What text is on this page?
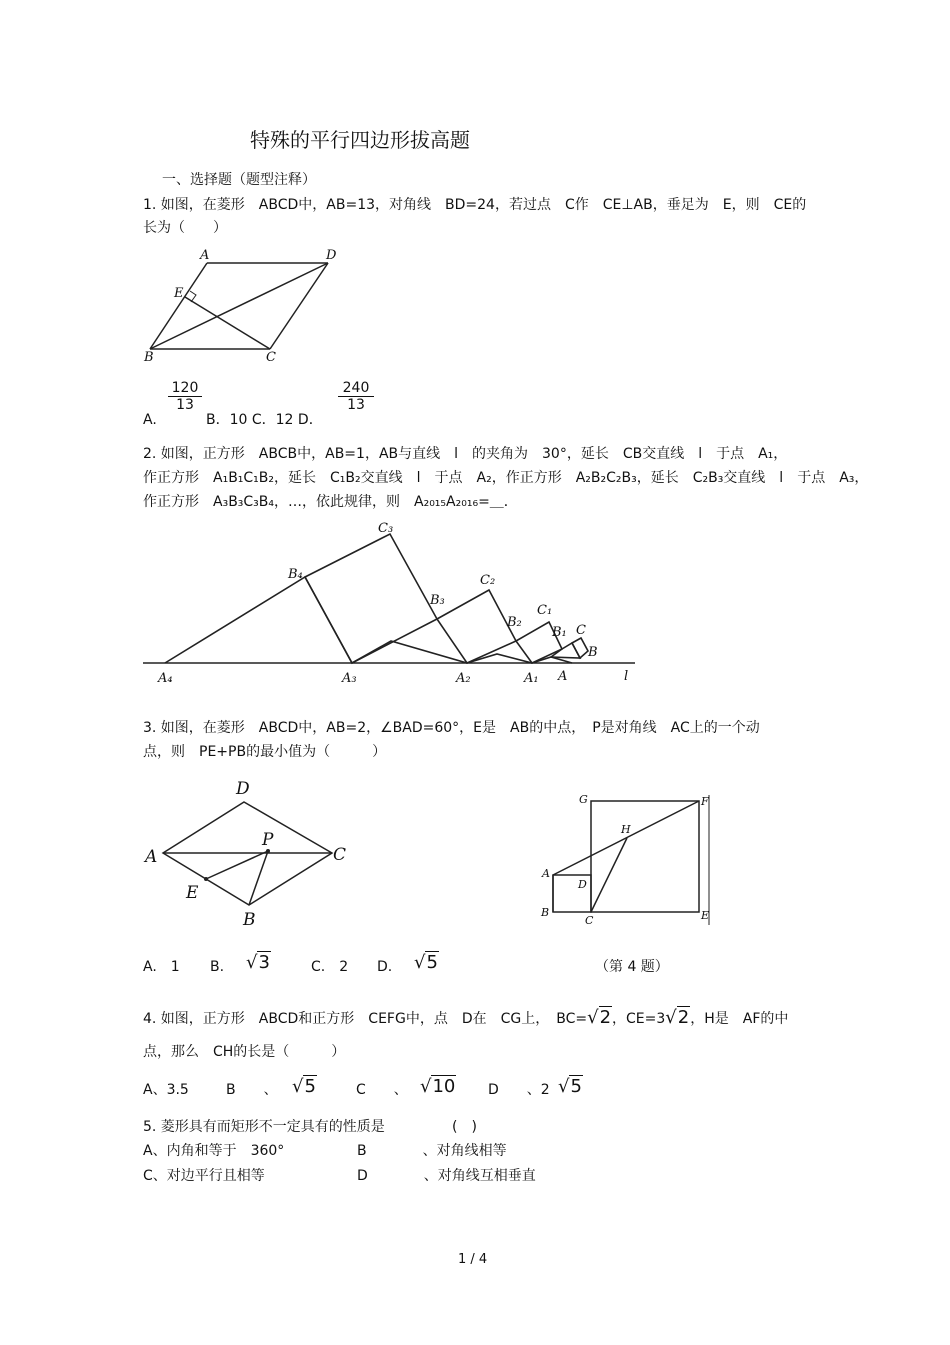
特殊的平行四边形拔高题
一、选择题（题型注释）
1. 如图，在菱形　ABCD中，AB=13，对角线　BD=24，若过点　C作　CE⊥AB，垂足为　E，则　CE的
长为（　　）
A	D
E
B	C
A.
$\frac{120}{13}$
B．10 C．12 D．
$\frac{240}{13}$
2. 如图，正方形　ABCB中，AB=1，AB与直线　l　的夹角为　30°，延长　CB交直线　l　于点　A₁，
作正方形　A₁B₁C₁B₂，延长　C₁B₂交直线　l　于点　A₂，作正方形　A₂B₂C₂B₃，延长　C₂B₃交直线　l　于点　A₃，
作正方形　A₃B₃C₃B₄，…，依此规律，则　A₂₀₁₅A₂₀₁₆=＿．
A₄	A₃	A₂	A₁ A	l
B₄
C₃
B₃
C₂
B₂
C₁
B₁ C
B
3. 如图，在菱形　ABCD中，AB=2，∠BAD=60°，E是　AB的中点，　P是对角线　AC上的一个动
点，则　PE+PB的最小值为（　　　）
D
A
P
C
E
B
G	F
H
A
D
B
C	E
A.　1 B. √3	C.　2 D. √5	（第 4 题）
4. 如图，正方形　ABCD和正方形　CEFG中，点　D在　CG上，　BC=√2，CE=3√2，H是　AF的中
点，那么　CH的长是（　　　）
A、3.5	B　　、 √5	C　　、 √10 D　　、2 √5
5. 菱形具有而矩形不一定具有的性质是	(　)
A、内角和等于　360°	B　　　　、对角线相等
C、对边平行且相等	D　　　　、对角线互相垂直
1 / 4
